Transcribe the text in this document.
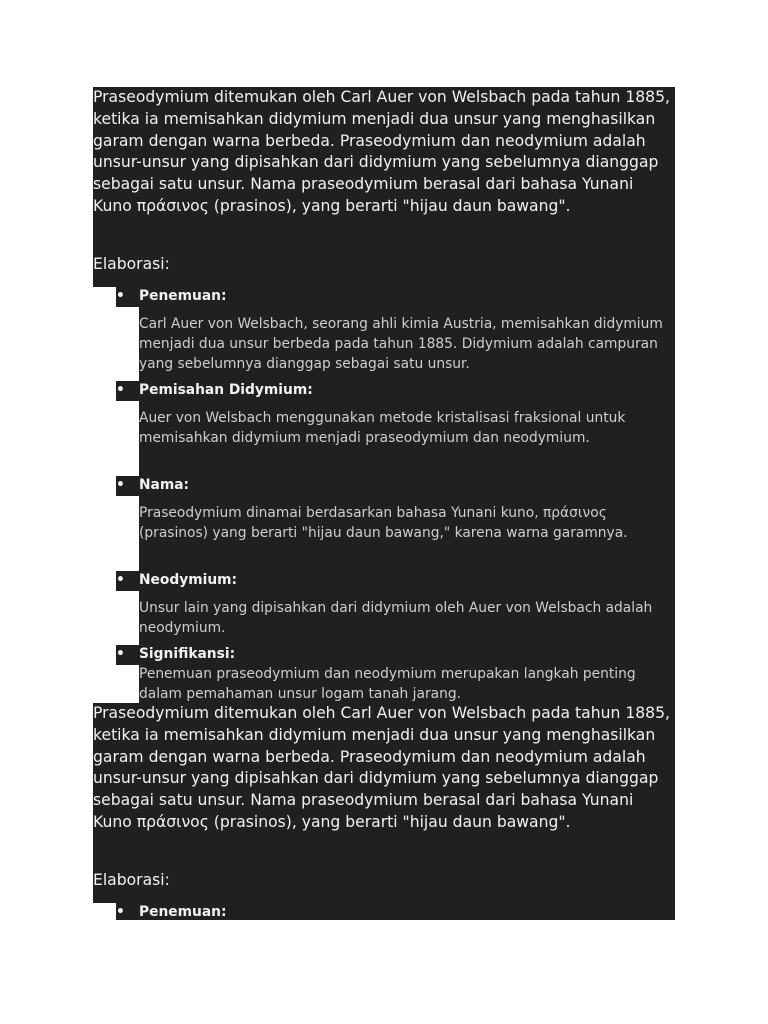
Praseodymium ditemukan oleh Carl Auer von Welsbach pada tahun 1885, ketika ia memisahkan didymium menjadi dua unsur yang menghasilkan garam dengan warna berbeda. Praseodymium dan neodymium adalah unsur-unsur yang dipisahkan dari didymium yang sebelumnya dianggap sebagai satu unsur. Nama praseodymium berasal dari bahasa Yunani Kuno πράσινος (prasinos), yang berarti "hijau daun bawang".

Elaborasi:

• Penemuan:

Carl Auer von Welsbach, seorang ahli kimia Austria, memisahkan didymium menjadi dua unsur berbeda pada tahun 1885. Didymium adalah campuran yang sebelumnya dianggap sebagai satu unsur.

• Pemisahan Didymium:

Auer von Welsbach menggunakan metode kristalisasi fraksional untuk memisahkan didymium menjadi praseodymium dan neodymium.

• Nama:

Praseodymium dinamai berdasarkan bahasa Yunani kuno, πράσινος (prasinos) yang berarti "hijau daun bawang," karena warna garamnya.

• Neodymium:

Unsur lain yang dipisahkan dari didymium oleh Auer von Welsbach adalah neodymium.

• Signifikansi:

Penemuan praseodymium dan neodymium merupakan langkah penting dalam pemahaman unsur logam tanah jarang.

Praseodymium ditemukan oleh Carl Auer von Welsbach pada tahun 1885, ketika ia memisahkan didymium menjadi dua unsur yang menghasilkan garam dengan warna berbeda. Praseodymium dan neodymium adalah unsur-unsur yang dipisahkan dari didymium yang sebelumnya dianggap sebagai satu unsur. Nama praseodymium berasal dari bahasa Yunani Kuno πράσινος (prasinos), yang berarti "hijau daun bawang".

Elaborasi:

• Penemuan:
